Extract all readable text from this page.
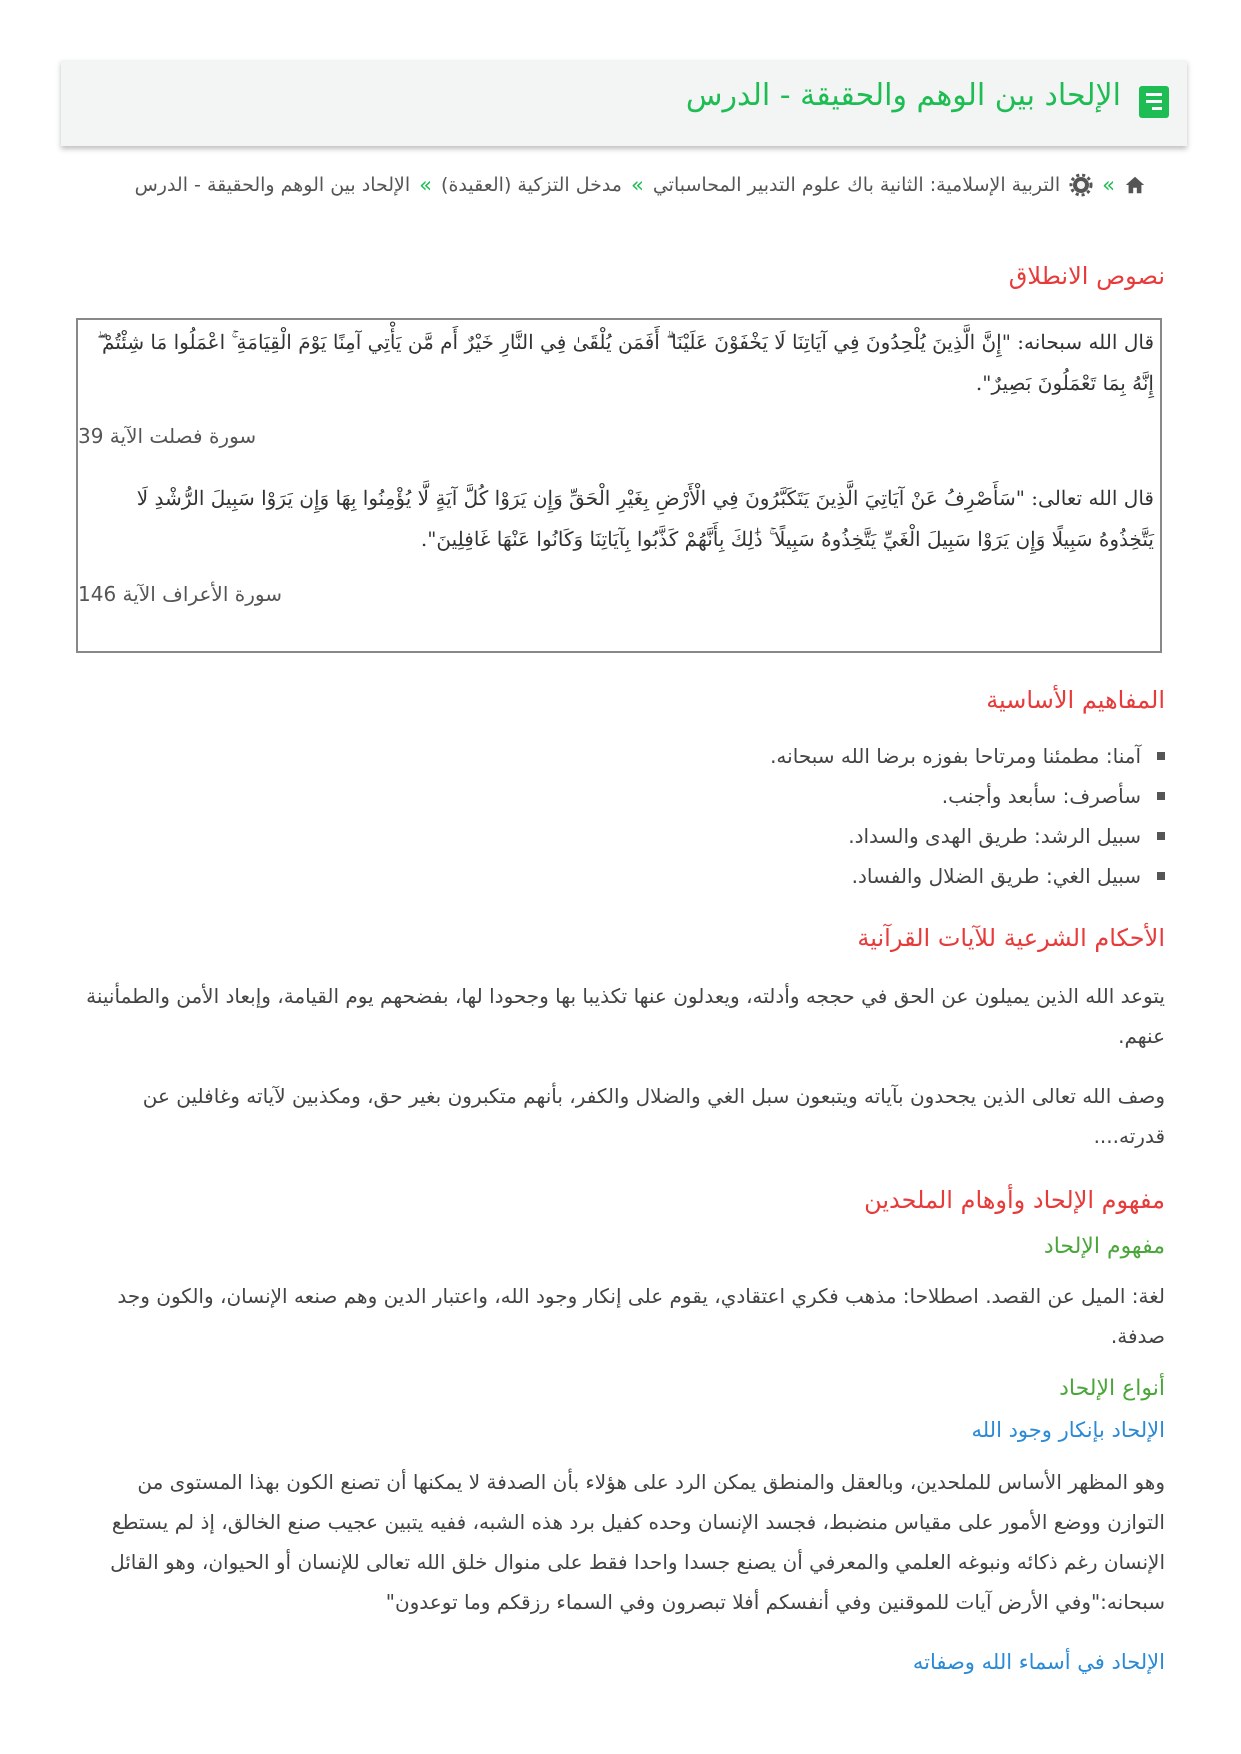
الإلحاد بين الوهم والحقيقة - الدرس
»
التربية الإسلامية: الثانية باك علوم التدبير المحاسباتي
»
مدخل التزكية (العقيدة)
»
الإلحاد بين الوهم والحقيقة - الدرس
نصوص الانطلاق

قال الله سبحانه: "إِنَّ الَّذِينَ يُلْحِدُونَ فِي آيَاتِنَا لَا يَخْفَوْنَ عَلَيْنَا ۗ أَفَمَن يُلْقَىٰ فِي النَّارِ خَيْرٌ أَم مَّن يَأْتِي آمِنًا يَوْمَ الْقِيَامَةِ ۚ اعْمَلُوا مَا شِئْتُمْ ۖ إِنَّهُ بِمَا تَعْمَلُونَ بَصِيرٌ".

سورة فصلت الآية 39

قال الله تعالى: "سَأَصْرِفُ عَنْ آيَاتِيَ الَّذِينَ يَتَكَبَّرُونَ فِي الْأَرْضِ بِغَيْرِ الْحَقِّ وَإِن يَرَوْا كُلَّ آيَةٍ لَّا يُؤْمِنُوا بِهَا وَإِن يَرَوْا سَبِيلَ الرُّشْدِ لَا يَتَّخِذُوهُ سَبِيلًا وَإِن يَرَوْا سَبِيلَ الْغَيِّ يَتَّخِذُوهُ سَبِيلًا ۚ ذَٰلِكَ بِأَنَّهُمْ كَذَّبُوا بِآيَاتِنَا وَكَانُوا عَنْهَا غَافِلِينَ".

سورة الأعراف الآية 146

المفاهيم الأساسية
آمنا: مطمئنا ومرتاحا بفوزه برضا الله سبحانه.
سأصرف: سأبعد وأجنب.
سبيل الرشد: طريق الهدى والسداد.
سبيل الغي: طريق الضلال والفساد.
الأحكام الشرعية للآيات القرآنية

يتوعد الله الذين يميلون عن الحق في حججه وأدلته، ويعدلون عنها تكذيبا بها وجحودا لها، بفضحهم يوم القيامة، وإبعاد الأمن والطمأنينة عنهم.

وصف الله تعالى الذين يجحدون بآياته ويتبعون سبل الغي والضلال والكفر، بأنهم متكبرون بغير حق، ومكذبين لآياته وغافلين عن قدرته....

مفهوم الإلحاد وأوهام الملحدين
مفهوم الإلحاد

لغة: الميل عن القصد. اصطلاحا: مذهب فكري اعتقادي، يقوم على إنكار وجود الله، واعتبار الدين وهم صنعه الإنسان، والكون وجد صدفة.

أنواع الإلحاد
الإلحاد بإنكار وجود الله

وهو المظهر الأساس للملحدين، وبالعقل والمنطق يمكن الرد على هؤلاء بأن الصدفة لا يمكنها أن تصنع الكون بهذا المستوى من التوازن ووضع الأمور على مقياس منضبط، فجسد الإنسان وحده كفيل برد هذه الشبه، ففيه يتبين عجيب صنع الخالق، إذ لم يستطع الإنسان رغم ذكائه ونبوغه العلمي والمعرفي أن يصنع جسدا واحدا فقط على منوال خلق الله تعالى للإنسان أو الحيوان، وهو القائل سبحانه:"وفي الأرض آيات للموقنين وفي أنفسكم أفلا تبصرون وفي السماء رزقكم وما توعدون"

الإلحاد في أسماء الله وصفاته
